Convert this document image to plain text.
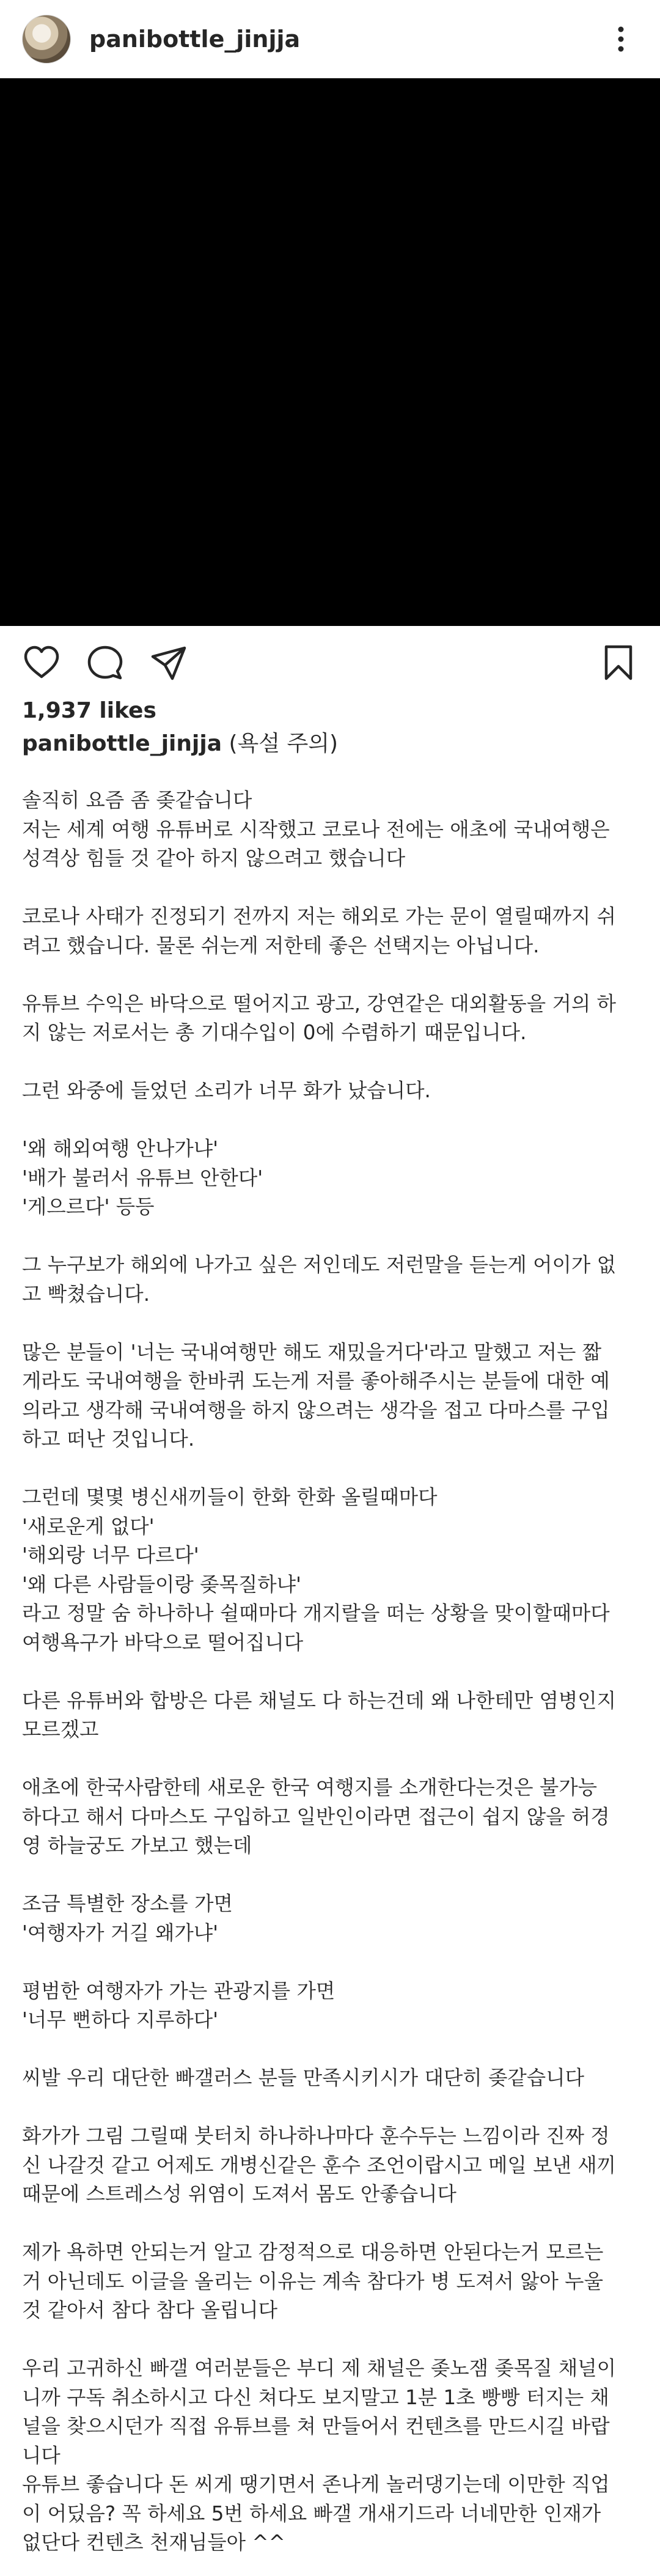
panibottle_jinjja
1,937 likes
panibottle_jinjja (욕설 주의)
솔직히 요즘 좀 좆같습니다
저는 세계 여행 유튜버로 시작했고 코로나 전에는 애초에 국내여행은
성격상 힘들 것 같아 하지 않으려고 했습니다
코로나 사태가 진정되기 전까지 저는 해외로 가는 문이 열릴때까지 쉬
려고 했습니다. 물론 쉬는게 저한테 좋은 선택지는 아닙니다.
유튜브 수익은 바닥으로 떨어지고 광고, 강연같은 대외활동을 거의 하
지 않는 저로서는 총 기대수입이 0에 수렴하기 때문입니다.
그런 와중에 들었던 소리가 너무 화가 났습니다.
'왜 해외여행 안나가냐'
'배가 불러서 유튜브 안한다'
'게으르다' 등등
그 누구보가 해외에 나가고 싶은 저인데도 저런말을 듣는게 어이가 없
고 빡쳤습니다.
많은 분들이 '너는 국내여행만 해도 재밌을거다'라고 말했고 저는 짧
게라도 국내여행을 한바퀴 도는게 저를 좋아해주시는 분들에 대한 예
의라고 생각해 국내여행을 하지 않으려는 생각을 접고 다마스를 구입
하고 떠난 것입니다.
그런데 몇몇 병신새끼들이 한화 한화 올릴때마다
'새로운게 없다'
'해외랑 너무 다르다'
'왜 다른 사람들이랑 좆목질하냐'
라고 정말 숨 하나하나 쉴때마다 개지랄을 떠는 상황을 맞이할때마다
여행욕구가 바닥으로 떨어집니다
다른 유튜버와 합방은 다른 채널도 다 하는건데 왜 나한테만 염병인지
모르겠고
애초에 한국사람한테 새로운 한국 여행지를 소개한다는것은 불가능
하다고 해서 다마스도 구입하고 일반인이라면 접근이 쉽지 않을 허경
영 하늘궁도 가보고 했는데
조금 특별한 장소를 가면
'여행자가 거길 왜가냐'
평범한 여행자가 가는 관광지를 가면
'너무 뻔하다 지루하다'
씨발 우리 대단한 빠갤러스 분들 만족시키시가 대단히 좆같습니다
화가가 그림 그릴때 붓터치 하나하나마다 훈수두는 느낌이라 진짜 정
신 나갈것 같고 어제도 개병신같은 훈수 조언이랍시고 메일 보낸 새끼
때문에 스트레스성 위염이 도져서 몸도 안좋습니다
제가 욕하면 안되는거 알고 감정적으로 대응하면 안된다는거 모르는
거 아닌데도 이글을 올리는 이유는 계속 참다가 병 도져서 앓아 누울
것 같아서 참다 참다 올립니다
우리 고귀하신 빠갤 여러분들은 부디 제 채널은 좆노잼 좆목질 채널이
니까 구독 취소하시고 다신 쳐다도 보지말고 1분 1초 빵빵 터지는 채
널을 찾으시던가 직접 유튜브를 쳐 만들어서 컨텐츠를 만드시길 바랍
니다
유튜브 좋습니다 돈 씨게 땡기면서 존나게 놀러댕기는데 이만한 직업
이 어딨음? 꼭 하세요 5번 하세요 빠갤 개새기드라 너네만한 인재가
없단다 컨텐츠 천재님들아 ^^
